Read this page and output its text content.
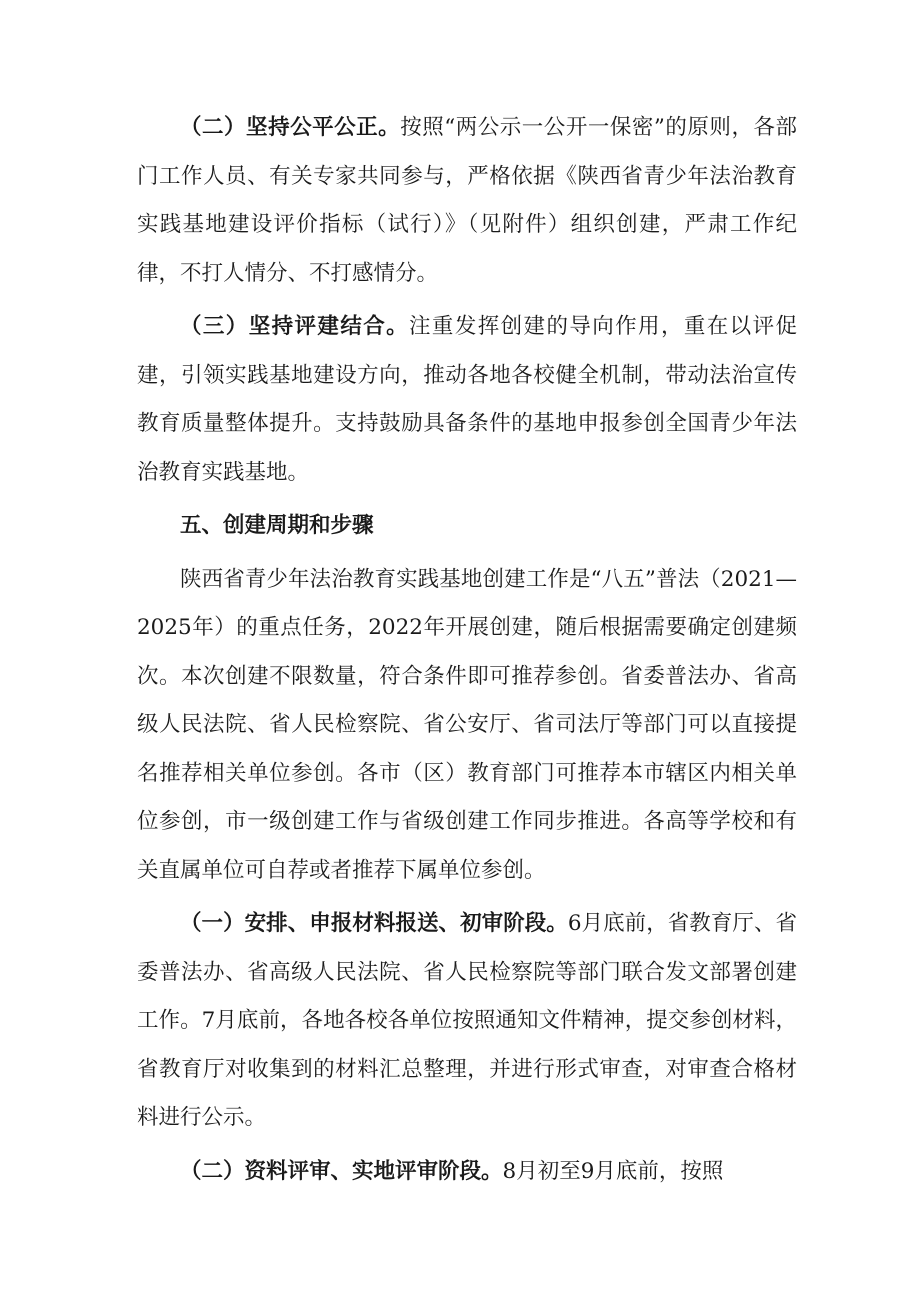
（二）坚持公平公正。按照“两公示一公开一保密”的原则，各部门工作人员、有关专家共同参与，严格依据《陕西省青少年法治教育实践基地建设评价指标（试行）》（见附件）组织创建，严肃工作纪律，不打人情分、不打感情分。

（三）坚持评建结合。注重发挥创建的导向作用，重在以评促建，引领实践基地建设方向，推动各地各校健全机制，带动法治宣传教育质量整体提升。支持鼓励具备条件的基地申报参创全国青少年法治教育实践基地。

五、创建周期和步骤

陕西省青少年法治教育实践基地创建工作是“八五”普法（2021—2025年）的重点任务，2022年开展创建，随后根据需要确定创建频次。本次创建不限数量，符合条件即可推荐参创。省委普法办、省高级人民法院、省人民检察院、省公安厅、省司法厅等部门可以直接提名推荐相关单位参创。各市（区）教育部门可推荐本市辖区内相关单位参创，市一级创建工作与省级创建工作同步推进。各高等学校和有关直属单位可自荐或者推荐下属单位参创。

（一）安排、申报材料报送、初审阶段。6月底前，省教育厅、省委普法办、省高级人民法院、省人民检察院等部门联合发文部署创建工作。7月底前，各地各校各单位按照通知文件精神，提交参创材料，省教育厅对收集到的材料汇总整理，并进行形式审查，对审查合格材料进行公示。

（二）资料评审、实地评审阶段。8月初至9月底前，按照
